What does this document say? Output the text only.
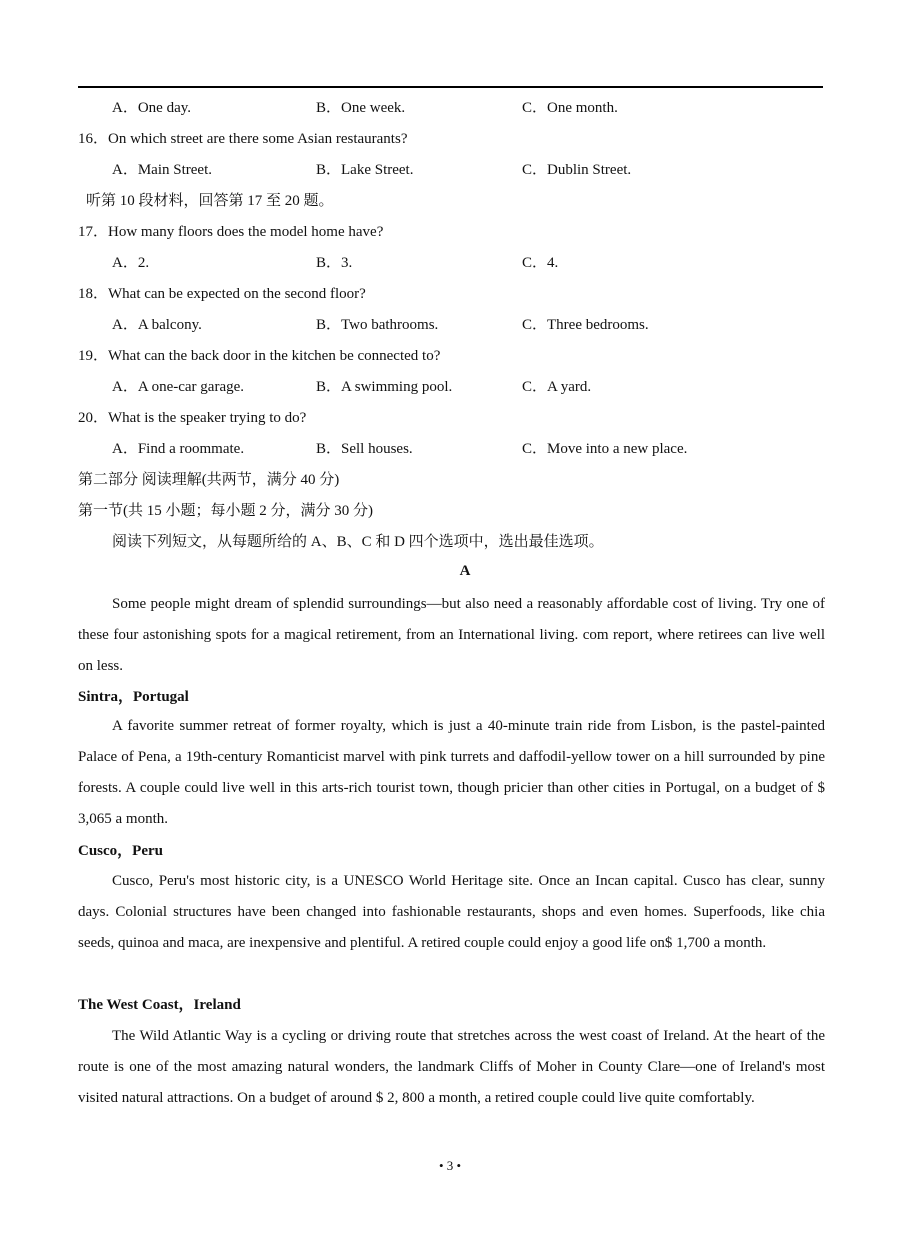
A．One day.	B．One week.	C．One month.
16．On which street are there some Asian restaurants?
A．Main Street.	B．Lake Street.	C．Dublin Street.
听第 10 段材料，回答第 17 至 20 题。
17．How many floors does the model home have?
A．2.	B．3.	C．4.
18．What can be expected on the second floor?
A．A balcony.	B．Two bathrooms.	C．Three bedrooms.
19．What can the back door in the kitchen be connected to?
A．A one-car garage.	B．A swimming pool.	C．A yard.
20．What is the speaker trying to do?
A．Find a roommate.	B．Sell houses.	C．Move into a new place.
第二部分 阅读理解(共两节，满分 40 分)
第一节(共 15 小题；每小题 2 分，满分 30 分)
阅读下列短文，从每题所给的 A、B、C 和 D 四个选项中，选出最佳选项。
A
Some people might dream of splendid surroundings—but also need a reasonably affordable cost of living. Try one of these four astonishing spots for a magical retirement, from an International living. com report, where retirees can live well on less.
Sintra，Portugal
A favorite summer retreat of former royalty, which is just a 40-minute train ride from Lisbon, is the pastel-painted Palace of Pena, a 19th-century Romanticist marvel with pink turrets and daffodil-yellow tower on a hill surrounded by pine forests. A couple could live well in this arts-rich tourist town, though pricier than other cities in Portugal, on a budget of $ 3,065 a month.
Cusco，Peru
Cusco, Peru's most historic city, is a UNESCO World Heritage site. Once an Incan capital. Cusco has clear, sunny days. Colonial structures have been changed into fashionable restaurants, shops and even homes. Superfoods, like chia seeds, quinoa and maca, are inexpensive and plentiful. A retired couple could enjoy a good life on$ 1,700 a month.
The West Coast，Ireland
The Wild Atlantic Way is a cycling or driving route that stretches across the west coast of Ireland. At the heart of the route is one of the most amazing natural wonders, the landmark Cliffs of Moher in County Clare—one of Ireland's most visited natural attractions. On a budget of around $ 2, 800 a month, a retired couple could live quite comfortably.
• 3 •
